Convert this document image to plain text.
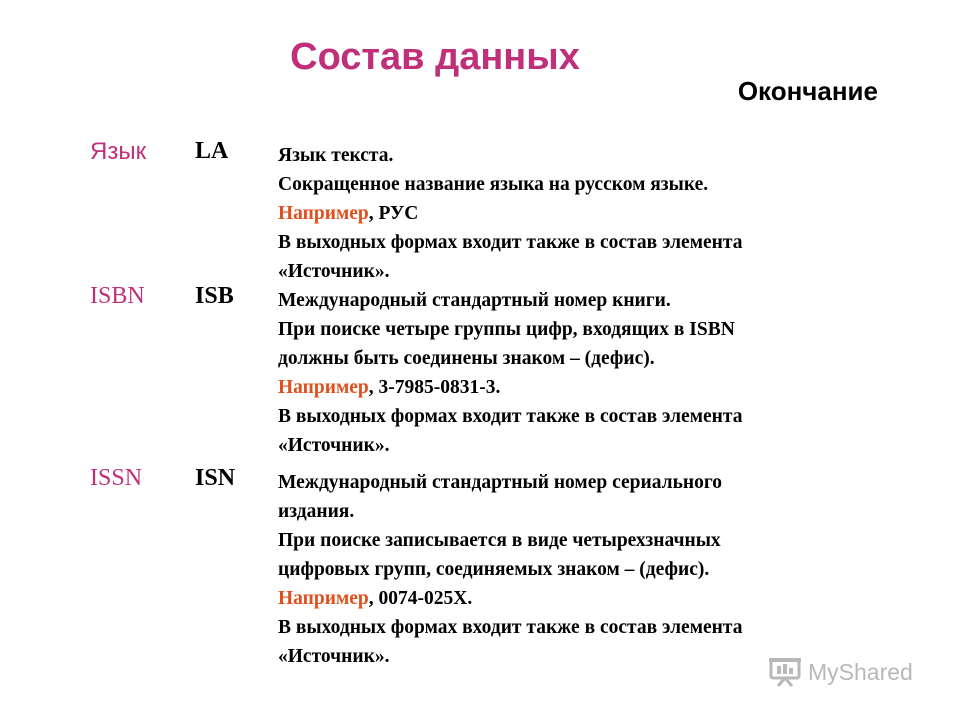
Состав данных
Окончание
Язык LA	Язык текста.
Сокращенное название языка на русском языке.
Например, РУС
В выходных формах входит также в состав элемента
«Источник».
ISBN ISB Международный стандартный номер книги.
При поиске четыре группы цифр, входящих в ISBN
должны быть соединены знаком – (дефис).
Например, 3-7985-0831-3.
В выходных формах входит также в состав элемента
«Источник».
ISSN ISN Международный стандартный номер сериального
издания.
При поиске записывается в виде четырехзначных
цифровых групп, соединяемых знаком – (дефис).
Например, 0074-025X.
В выходных формах входит также в состав элемента
«Источник».
MyShared
